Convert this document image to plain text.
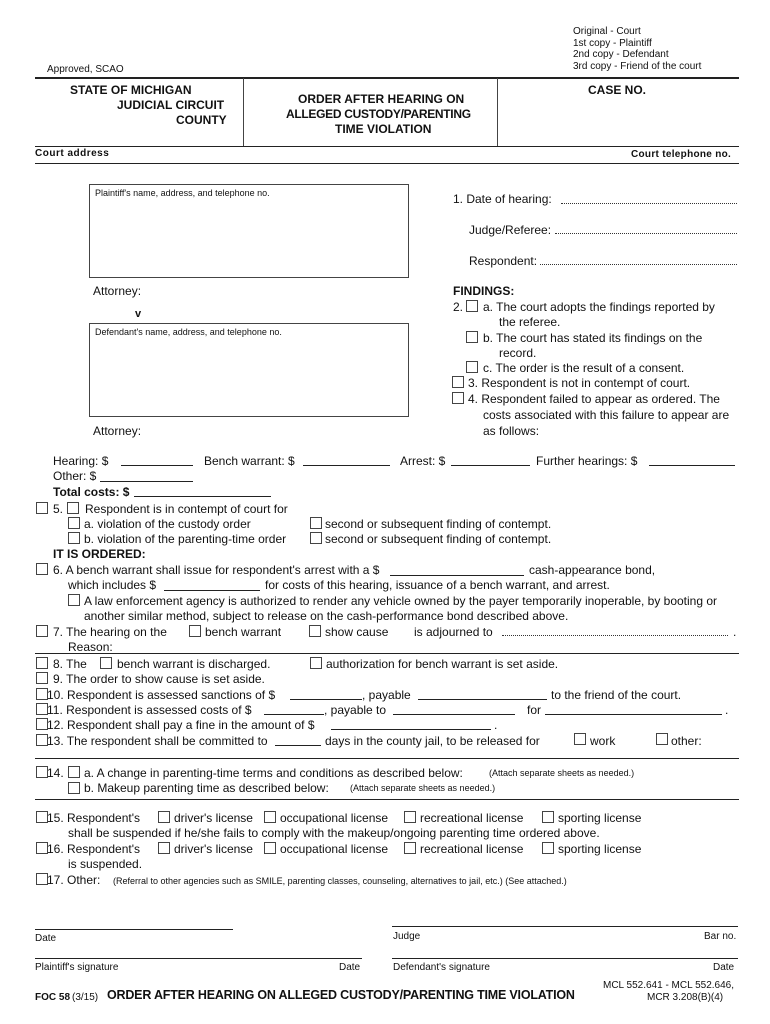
Original - Court
1st copy - Plaintiff
2nd copy - Defendant
3rd copy - Friend of the court
Approved, SCAO
STATE OF MICHIGAN
JUDICIAL CIRCUIT
COUNTY
ORDER AFTER HEARING ON
ALLEGED CUSTODY/PARENTING
TIME VIOLATION
CASE NO.
Court address	Court telephone no.
Plaintiff's name, address, and telephone no.
Attorney:
v
Defendant's name, address, and telephone no.
Attorney:
1. Date of hearing:
Judge/Referee:
Respondent:
FINDINGS:
2. a. The court adopts the findings reported by
the referee.
b. The court has stated its findings on the
record.
c. The order is the result of a consent.
3. Respondent is not in contempt of court.
4. Respondent failed to appear as ordered. The
costs associated with this failure to appear are
as follows:
Hearing: $	Bench warrant: $	Arrest: $	Further hearings: $
Other: $
Total costs: $
5. Respondent is in contempt of court for
a. violation of the custody order	second or subsequent finding of contempt.
b. violation of the parenting-time order	second or subsequent finding of contempt.
IT IS ORDERED:
6. A bench warrant shall issue for respondent's arrest with a $	cash-appearance bond,
which includes $	for costs of this hearing, issuance of a bench warrant, and arrest.
A law enforcement agency is authorized to render any vehicle owned by the payer temporarily inoperable, by booting or
another similar method, subject to release on the cash-performance bond described above.
7. The hearing on the	bench warrant	show cause is adjourned to	.
Reason:
8. The	bench warrant is discharged.	authorization for bench warrant is set aside.
9. The order to show cause is set aside.
10. Respondent is assessed sanctions of $	, payable	to the friend of the court.
11. Respondent is assessed costs of $	, payable to	for	.
12. Respondent shall pay a fine in the amount of $	.
13. The respondent shall be committed to	days in the county jail, to be released for	work	other:
14. a. A change in parenting-time terms and conditions as described below:	(Attach separate sheets as needed.)
b. Makeup parenting time as described below: (Attach separate sheets as needed.)
15. Respondent's	driver's license occupational license	recreational license	sporting license
shall be suspended if he/she fails to comply with the makeup/ongoing parenting time ordered above.
16. Respondent's	driver's license occupational license	recreational license	sporting license
is suspended.
17. Other: (Referral to other agencies such as SMILE, parenting classes, counseling, alternatives to jail, etc.) (See attached.)
Date	Judge	Bar no.
Plaintiff's signature	Date	Defendant's signature	Date
FOC 58 (3/15) ORDER AFTER HEARING ON ALLEGED CUSTODY/PARENTING TIME VIOLATION
MCL 552.641 - MCL 552.646,
MCR 3.208(B)(4)
